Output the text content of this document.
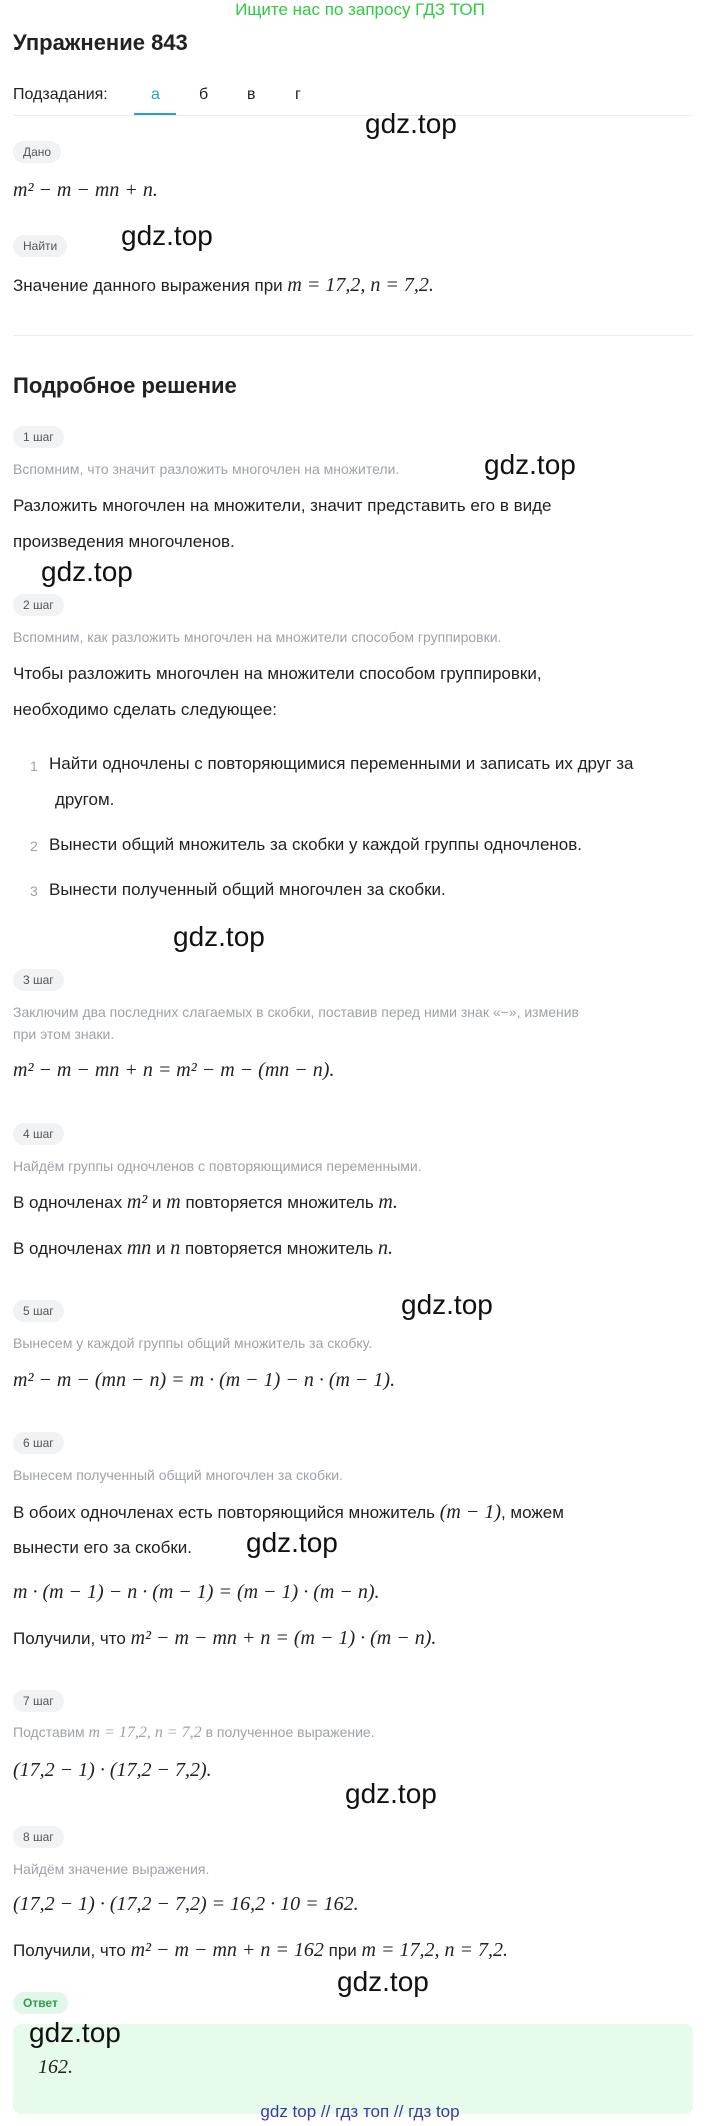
Ищите нас по запросу ГДЗ ТОП
Упражнение 843
Подзадания:	а б в г
Дано
m² − m − mn + n.
Найти
Значение данного выражения при m = 17,2, n = 7,2.
Подробное решение
1 шаг
Вспомним, что значит разложить многочлен на множители.
Разложить многочлен на множители, значит представить его в виде
произведения многочленов.
2 шаг
Вспомним, как разложить многочлен на множители способом группировки.
Чтобы разложить многочлен на множители способом группировки,
необходимо сделать следующее:
1 Найти одночлены с повторяющимися переменными и записать их друг за
другом.
2 Вынести общий множитель за скобки у каждой группы одночленов.
3 Вынести полученный общий многочлен за скобки.
3 шаг
Заключим два последних слагаемых в скобки, поставив перед ними знак «−», изменив
при этом знаки.
m² − m − mn + n = m² − m − (mn − n).
4 шаг
Найдём группы одночленов с повторяющимися переменными.
В одночленах m² и m повторяется множитель m.
В одночленах mn и n повторяется множитель n.
5 шаг
Вынесем у каждой группы общий множитель за скобку.
m² − m − (mn − n) = m · (m − 1) − n · (m − 1).
6 шаг
Вынесем полученный общий многочлен за скобки.
В обоих одночленах есть повторяющийся множитель (m − 1), можем
вынести его за скобки.
m · (m − 1) − n · (m − 1) = (m − 1) · (m − n).
Получили, что m² − m − mn + n = (m − 1) · (m − n).
7 шаг
Подставим m = 17,2, n = 7,2 в полученное выражение.
(17,2 − 1) · (17,2 − 7,2).
8 шаг
Найдём значение выражения.
(17,2 − 1) · (17,2 − 7,2) = 16,2 · 10 = 162.
Получили, что m² − m − mn + n = 162 при m = 17,2, n = 7,2.
Ответ
162.
gdz.top
gdz.top
gdz.top
gdz.top
gdz.top
gdz.top
gdz.top
gdz.top
gdz.top
gdz.top
gdz top // гдз топ // гдз top
